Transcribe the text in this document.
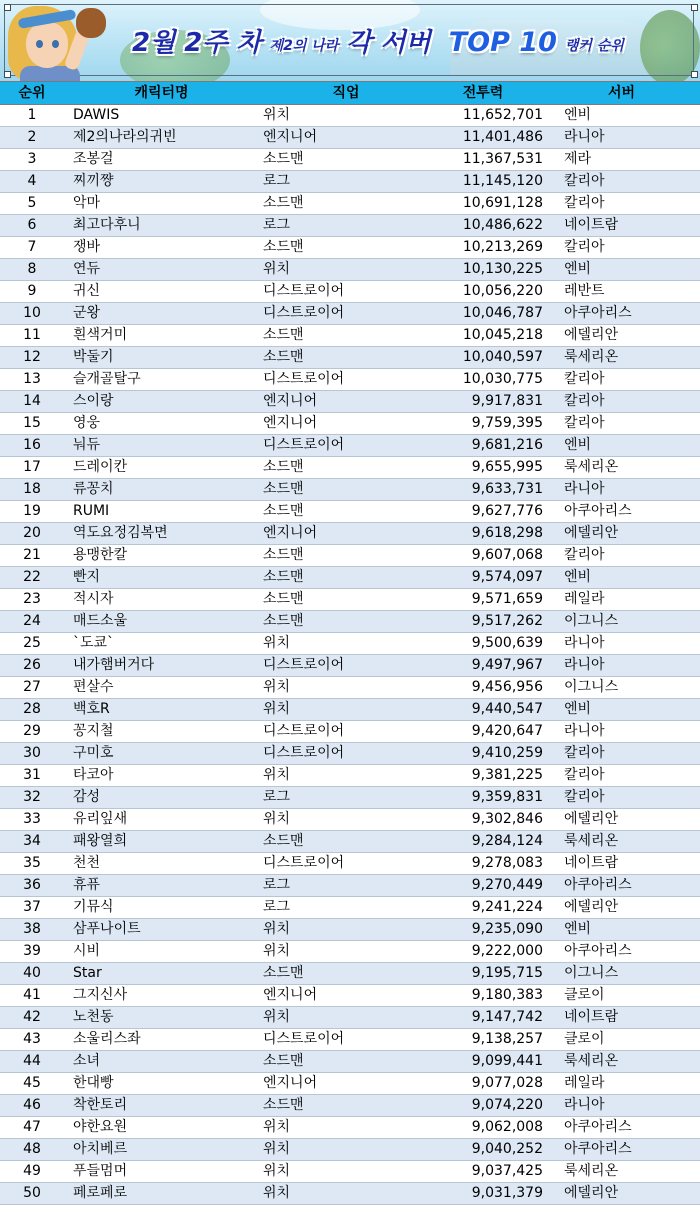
2월 2주 차 제2의 나라 각 서버 TOP 10 랭커 순위
순위	캐릭터명	직업	전투력	서버
1	DAWIS	위치	11,652,701	엔비
2	제2의나라의귀빈	엔지니어	11,401,486	라니아
3	조봉걸	소드맨	11,367,531	제라
4	찌끼쨩	로그	11,145,120	칼리아
5	악마	소드맨	10,691,128	칼리아
6	최고다후니	로그	10,486,622	네이트람
7	쟁바	소드맨	10,213,269	칼리아
8	연듀	위치	10,130,225	엔비
9	귀신	디스트로이어	10,056,220	레반트
10	군왕	디스트로이어	10,046,787	아쿠아리스
11	흰색거미	소드맨	10,045,218	에델리안
12	박둘기	소드맨	10,040,597	룩세리온
13	슬개골탈구	디스트로이어	10,030,775	칼리아
14	스이랑	엔지니어	9,917,831	칼리아
15	영웅	엔지니어	9,759,395	칼리아
16	눠듀	디스트로이어	9,681,216	엔비
17	드레이칸	소드맨	9,655,995	룩세리온
18	류꽁치	소드맨	9,633,731	라니아
19	RUMI	소드맨	9,627,776	아쿠아리스
20	역도요정김복면	엔지니어	9,618,298	에델리안
21	용맹한칼	소드맨	9,607,068	칼리아
22	빤지	소드맨	9,574,097	엔비
23	적시자	소드맨	9,571,659	레일라
24	매드소울	소드맨	9,517,262	이그니스
25	`도쿄`	위치	9,500,639	라니아
26	내가햄버거다	디스트로이어	9,497,967	라니아
27	편살수	위치	9,456,956	이그니스
28	백호R	위치	9,440,547	엔비
29	꽁지철	디스트로이어	9,420,647	라니아
30	구미호	디스트로이어	9,410,259	칼리아
31	타코아	위치	9,381,225	칼리아
32	감성	로그	9,359,831	칼리아
33	유리잎새	위치	9,302,846	에델리안
34	패왕열희	소드맨	9,284,124	룩세리온
35	천천	디스트로이어	9,278,083	네이트람
36	휴퓨	로그	9,270,449	아쿠아리스
37	기뮤식	로그	9,241,224	에델리안
38	삼푸나이트	위치	9,235,090	엔비
39	시비	위치	9,222,000	아쿠아리스
40	Star	소드맨	9,195,715	이그니스
41	그지신사	엔지니어	9,180,383	클로이
42	노천동	위치	9,147,742	네이트람
43	소울리스좌	디스트로이어	9,138,257	클로이
44	소녀	소드맨	9,099,441	룩세리온
45	한대빵	엔지니어	9,077,028	레일라
46	착한토리	소드맨	9,074,220	라니아
47	야한요원	위치	9,062,008	아쿠아리스
48	아치베르	위치	9,040,252	아쿠아리스
49	푸들멈머	위치	9,037,425	룩세리온
50	페로페로	위치	9,031,379	에델리안
